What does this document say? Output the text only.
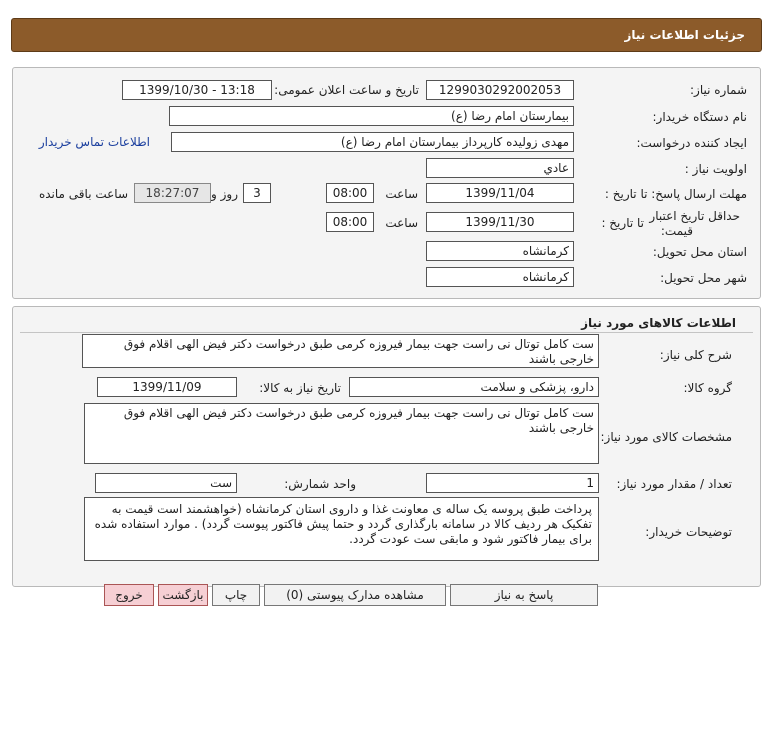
جزئیات اطلاعات نیاز
شماره نیاز:
1299030292002053
تاریخ و ساعت اعلان عمومی:
1399/10/30 - 13:18
نام دستگاه خریدار:
بیمارستان امام رضا (ع)
ایجاد کننده درخواست:
مهدی زولیده کارپرداز بیمارستان امام رضا (ع)
اطلاعات تماس خریدار
اولویت نیاز :
عادي
مهلت ارسال پاسخ: تا تاریخ :
1399/11/04
ساعت
08:00
3
روز و
18:27:07
ساعت باقی مانده
حداقل تاریخ اعتبار
قیمت:
تا تاریخ :
1399/11/30
ساعت
08:00
استان محل تحویل:
کرمانشاه
شهر محل تحویل:
کرمانشاه
اطلاعات کالاهای مورد نیاز
شرح کلی نیاز:
ست کامل توتال نی راست جهت بیمار فیروزه کرمی طبق درخواست دکتر فیض الهی اقلام فوق خارجی باشند
گروه کالا:
دارو، پزشکی و سلامت
تاریخ نیاز به کالا:
1399/11/09
مشخصات کالای مورد نیاز:
ست کامل توتال نی راست جهت بیمار فیروزه کرمی طبق درخواست دکتر فیض الهی اقلام فوق خارجی باشند
تعداد / مقدار مورد نیاز:
1
واحد شمارش:
ست
توضیحات خریدار:
پرداخت طبق پروسه یک ساله ی معاونت غذا و داروی استان کرمانشاه (خواهشمند است قیمت به تفکیک هر ردیف کالا در سامانه بارگذاری گردد و حتما پیش فاکتور پیوست گردد) . موارد استفاده شده برای بیمار فاکتور شود و مابقی ست عودت گردد.
پاسخ به نیاز
مشاهده مدارک پیوستی (0)
چاپ
بازگشت
خروج
